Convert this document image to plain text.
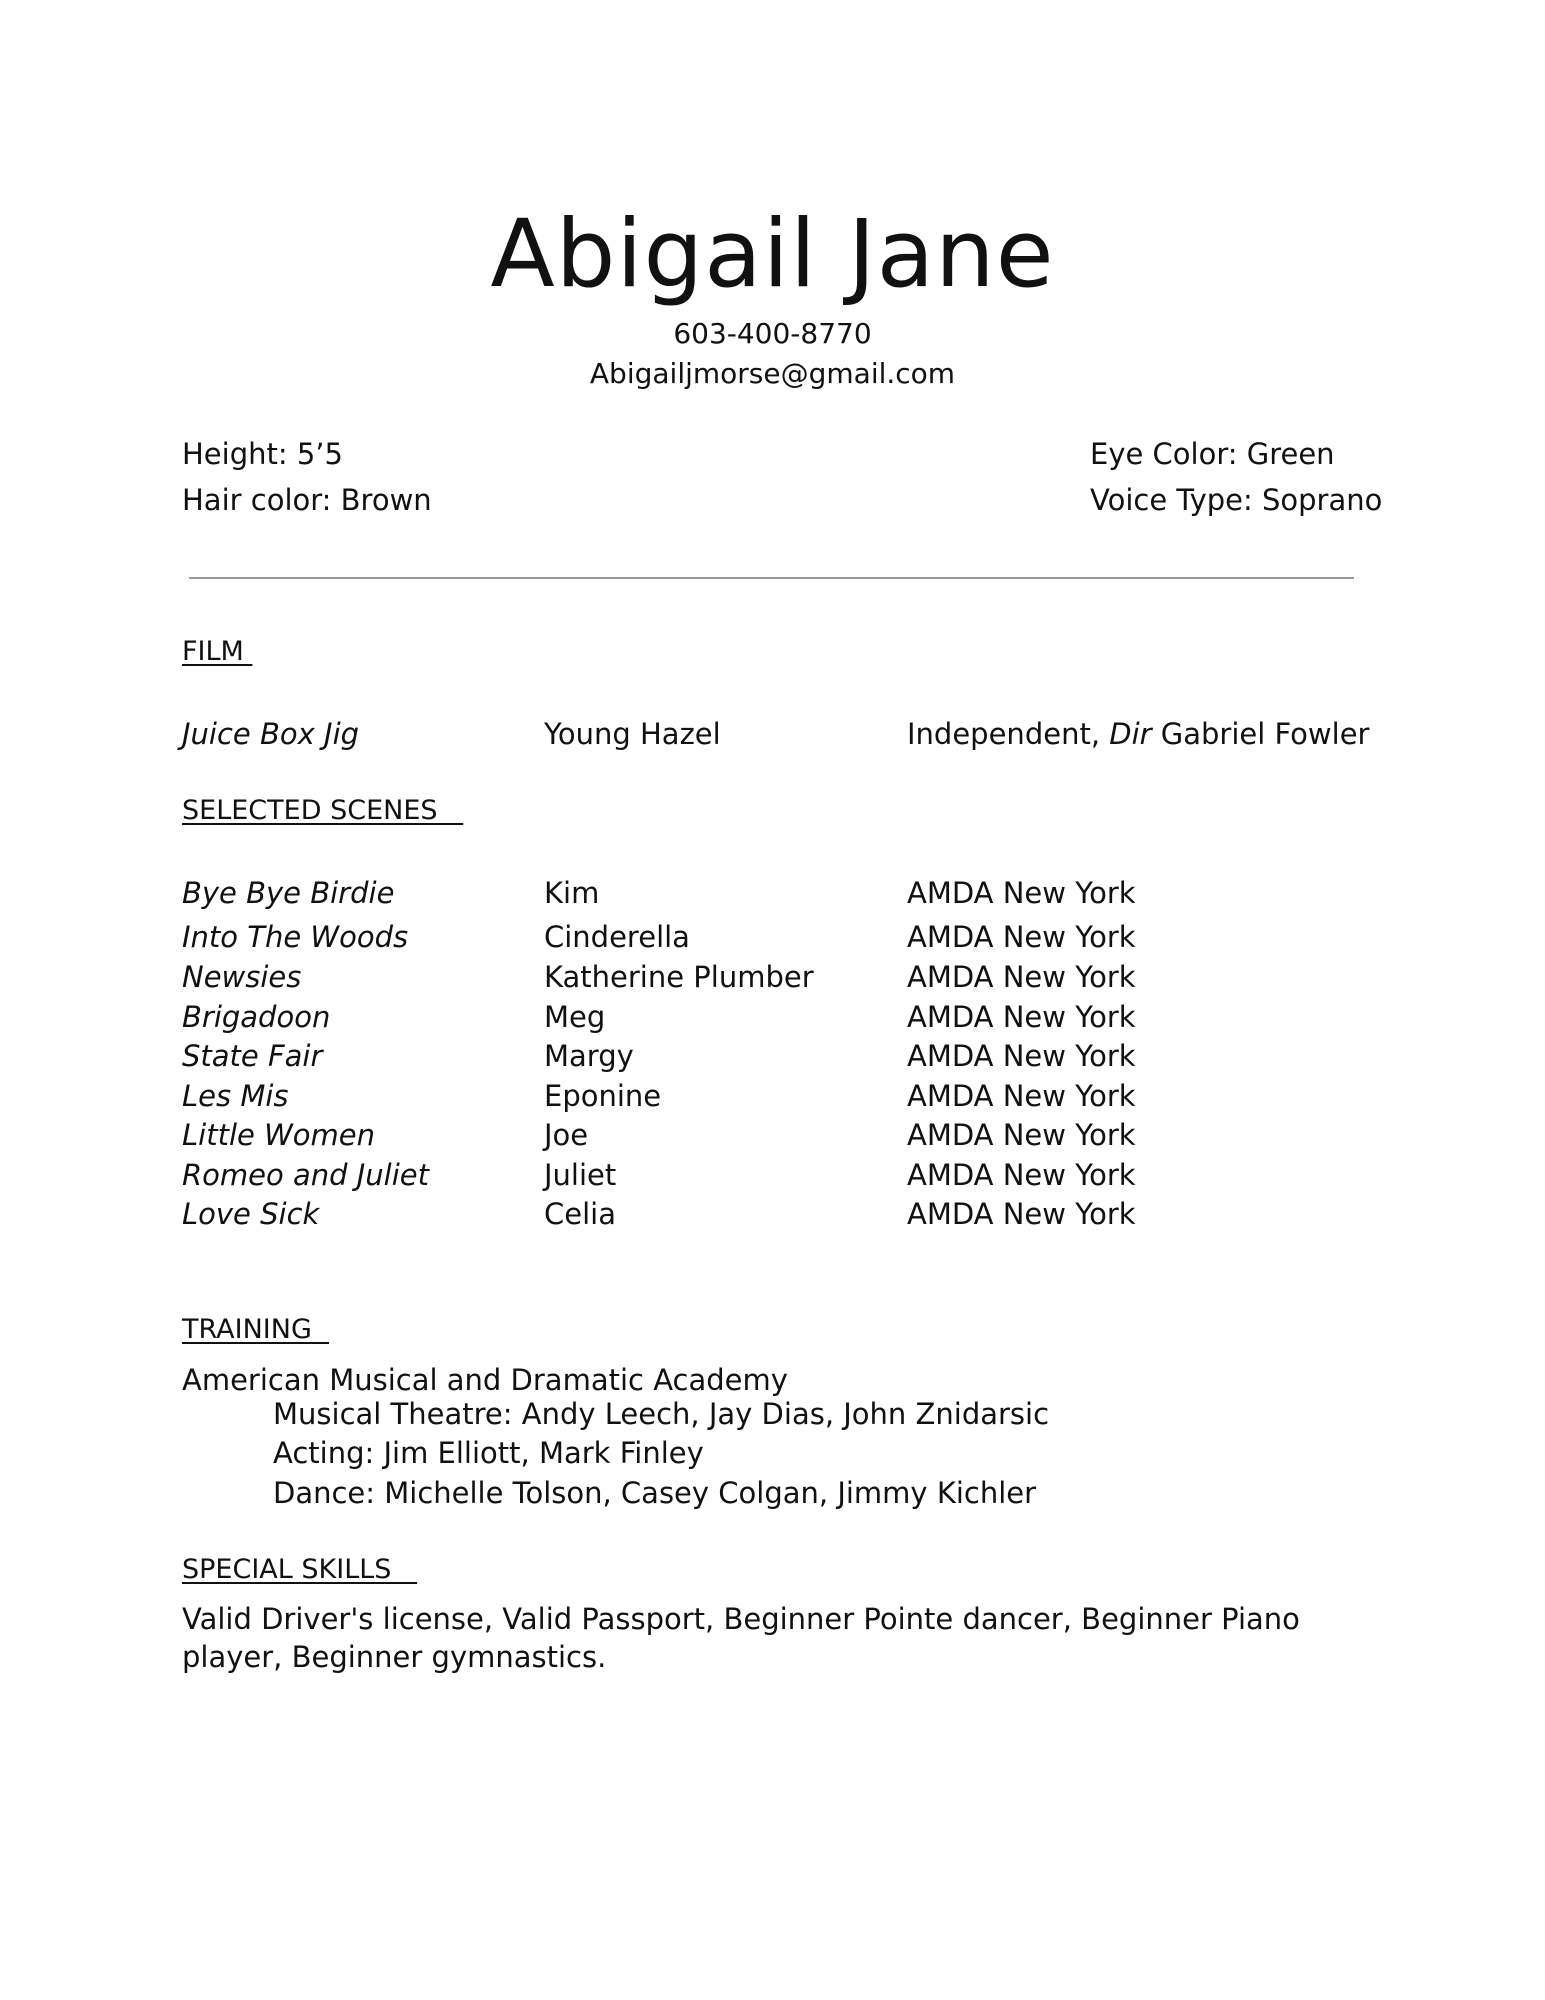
Abigail Jane
603-400-8770
Abigailjmorse@gmail.com
Height: 5’5
Hair color: Brown
Eye Color: Green
Voice Type: Soprano
FILM
Juice Box Jig	Young Hazel	Independent, Dir Gabriel Fowler
SELECTED SCENES
Bye Bye Birdie	Kim	AMDA New York
Into The Woods	Cinderella	AMDA New York
Newsies	Katherine Plumber	AMDA New York
Brigadoon	Meg	AMDA New York
State Fair	Margy	AMDA New York
Les Mis	Eponine	AMDA New York
Little Women	Joe	AMDA New York
Romeo and Juliet	Juliet	AMDA New York
Love Sick	Celia	AMDA New York
TRAINING
American Musical and Dramatic Academy
Musical Theatre: Andy Leech, Jay Dias, John Znidarsic
Acting: Jim Elliott, Mark Finley
Dance: Michelle Tolson, Casey Colgan, Jimmy Kichler
SPECIAL SKILLS
Valid Driver's license, Valid Passport, Beginner Pointe dancer, Beginner Piano player, Beginner gymnastics.
